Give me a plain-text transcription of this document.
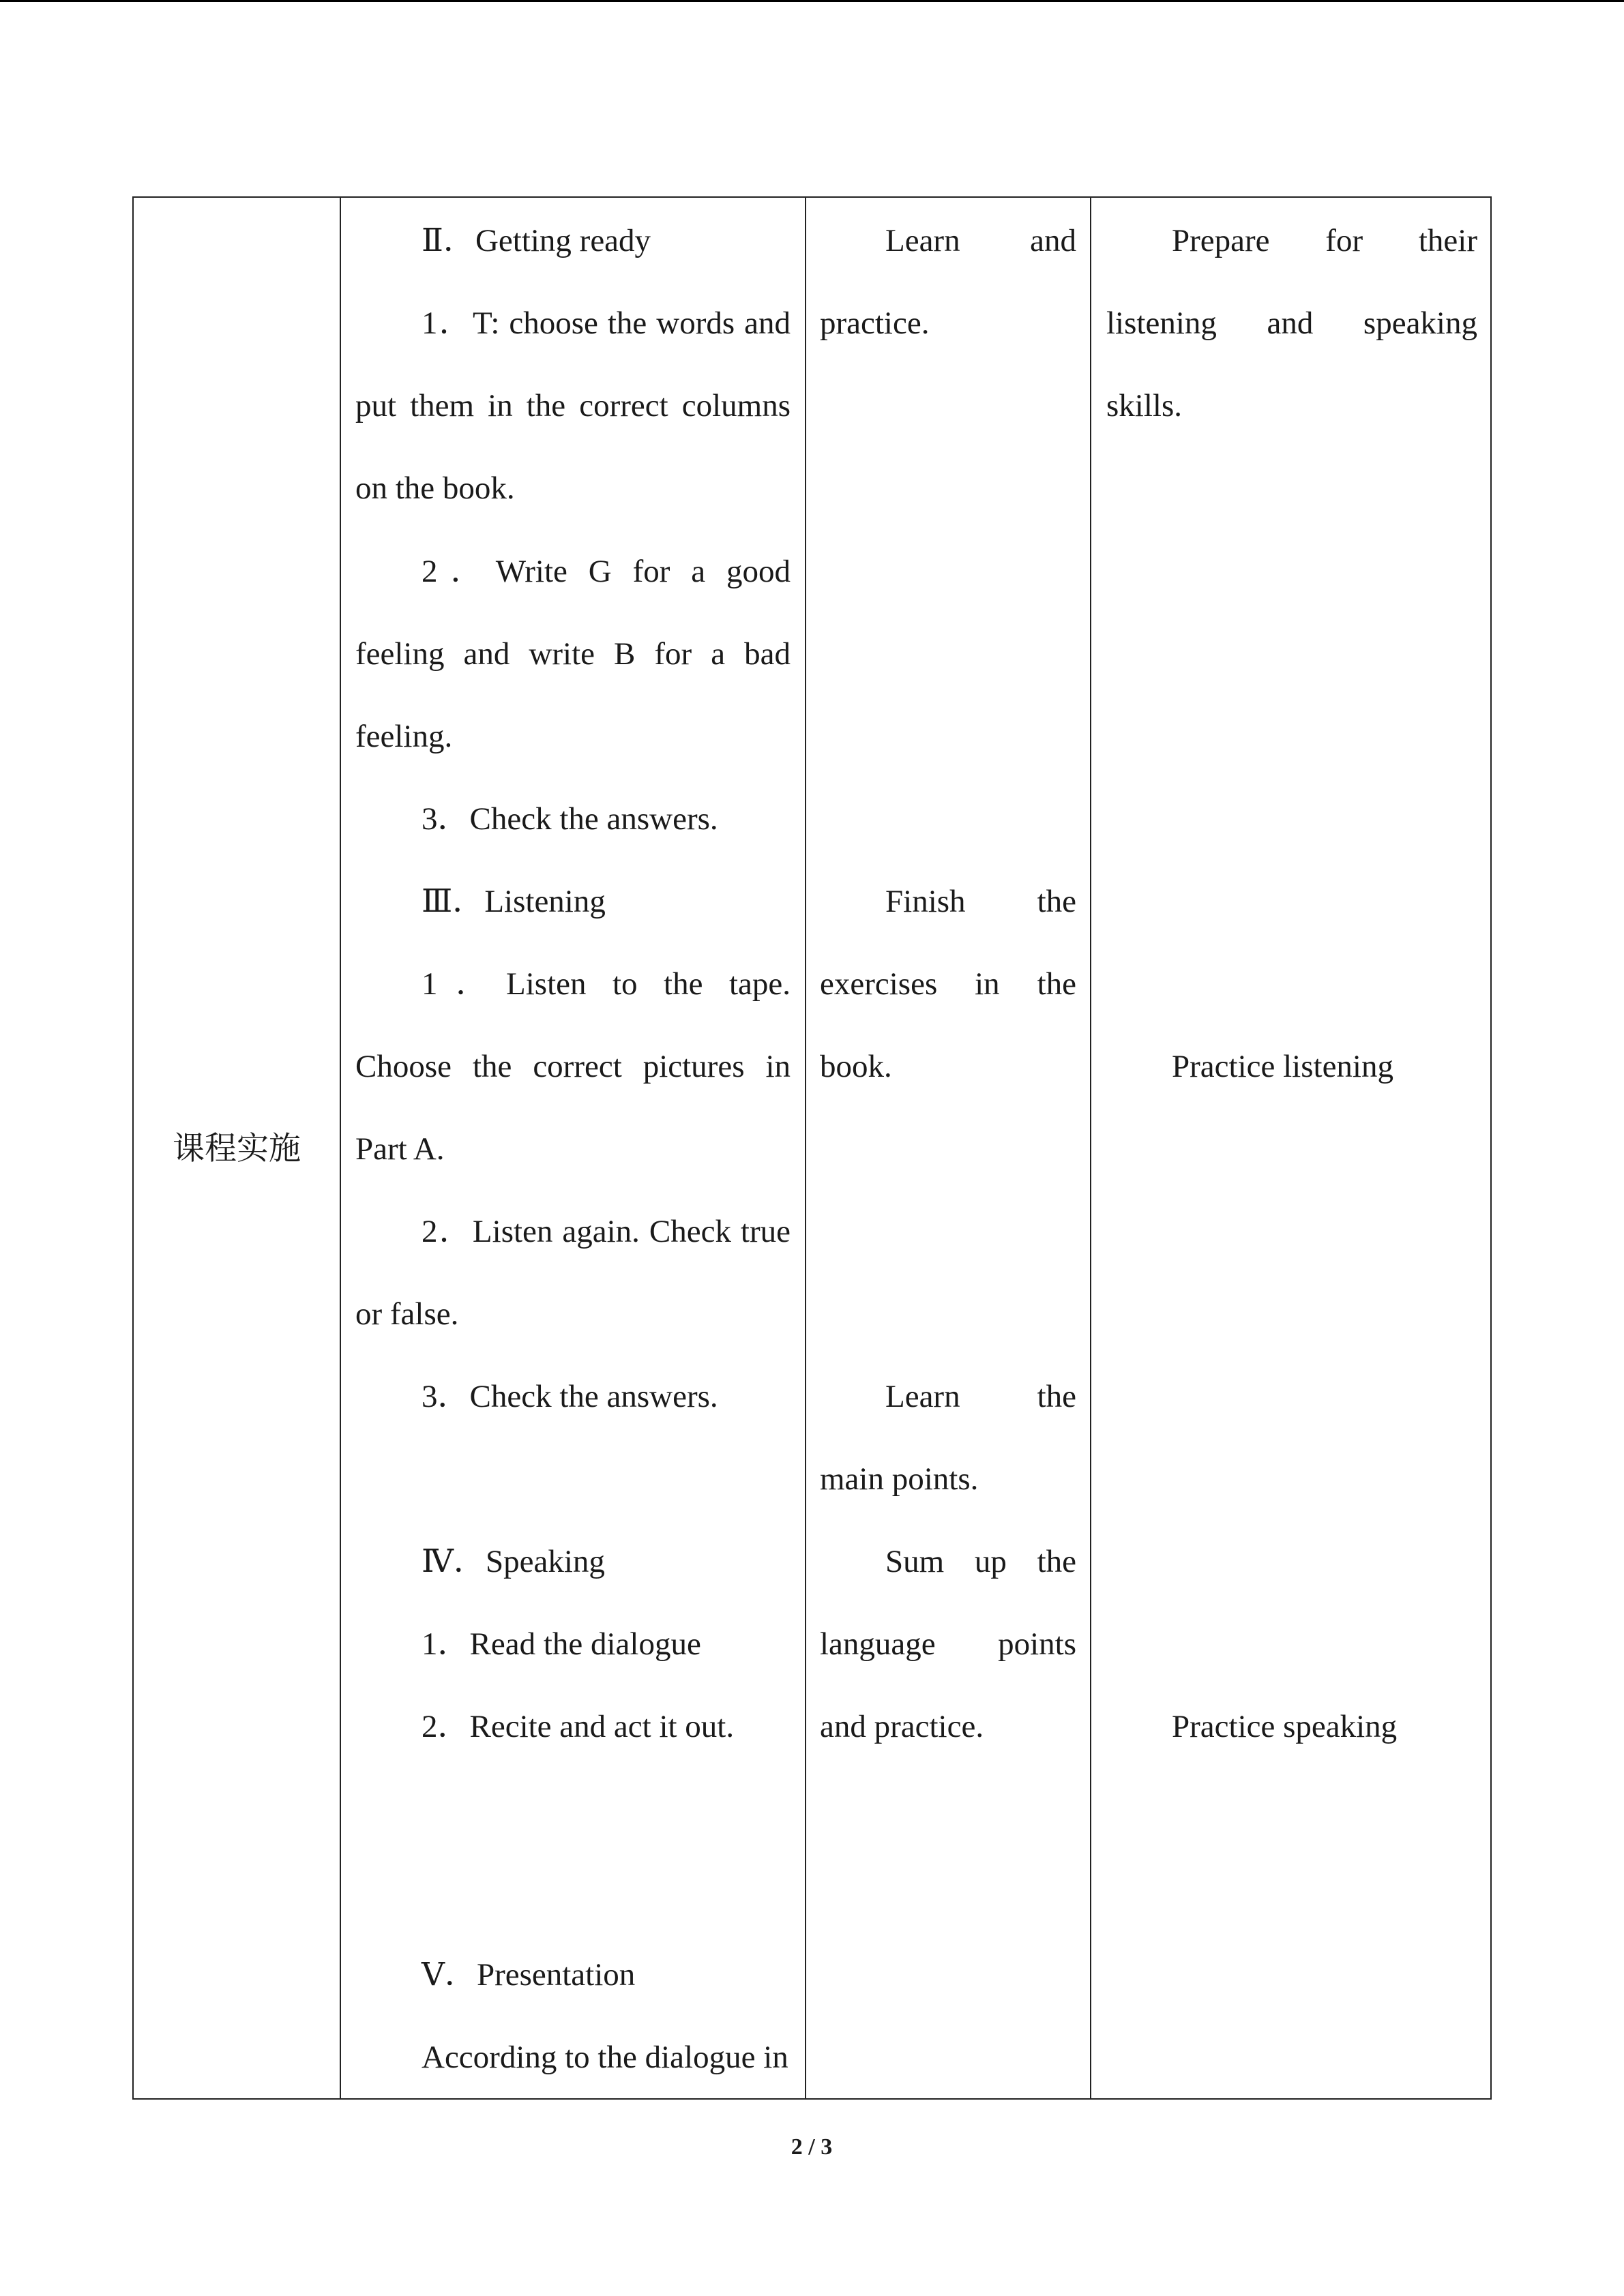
课程实施
Ⅱ．Getting ready
1．T: choose the words and
put them in the correct columns
on the book.
2．Write G for a good
feeling and write B for a bad
feeling.
3．Check the answers.
Ⅲ．Listening
1．Listen to the tape.
Choose the correct pictures in
Part A.
2．Listen again. Check true
or false.
3．Check the answers.
Ⅳ．Speaking
1．Read the dialogue
2．Recite and act it out.
Ⅴ．Presentation
According to the dialogue in
Learn and
practice.
Finish the
exercises in the
book.
Learn the
main points.
Sum up the
language points
and practice.
Prepare for their
listening and speaking
skills.
Practice listening
Practice speaking
2 / 3
